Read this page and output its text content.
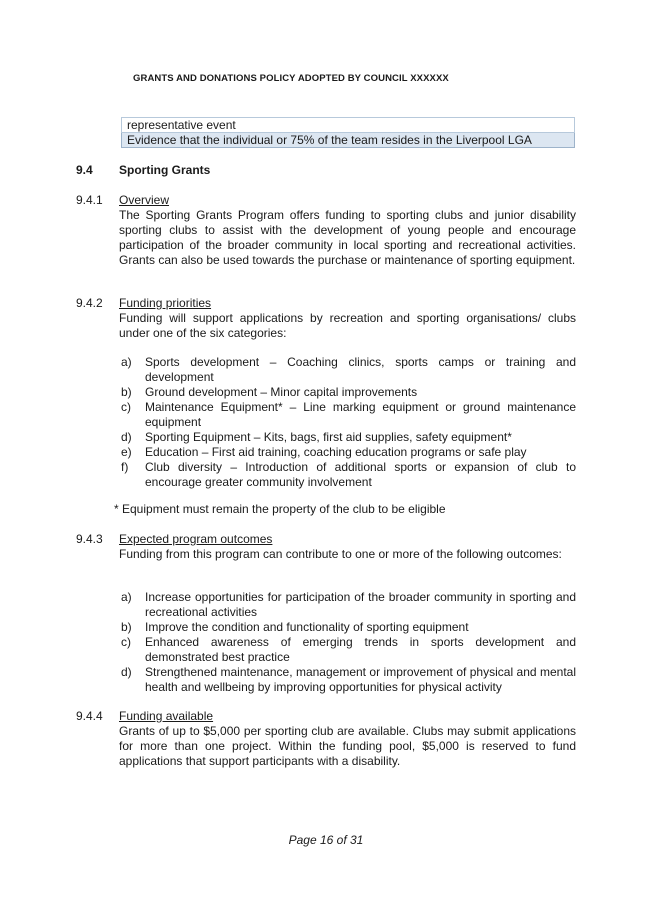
GRANTS AND DONATIONS POLICY ADOPTED BY COUNCIL XXXXXX
representative event
Evidence that the individual or 75% of the team resides in the Liverpool LGA
9.4 Sporting Grants
9.4.1 Overview
The Sporting Grants Program offers funding to sporting clubs and junior disability sporting clubs to assist with the development of young people and encourage participation of the broader community in local sporting and recreational activities. Grants can also be used towards the purchase or maintenance of sporting equipment.
9.4.2 Funding priorities
Funding will support applications by recreation and sporting organisations/ clubs under one of the six categories:
a) Sports development – Coaching clinics, sports camps or training and development
b) Ground development – Minor capital improvements
c) Maintenance Equipment* – Line marking equipment or ground maintenance equipment
d) Sporting Equipment – Kits, bags, first aid supplies, safety equipment*
e) Education – First aid training, coaching education programs or safe play
f) Club diversity – Introduction of additional sports or expansion of club to encourage greater community involvement
* Equipment must remain the property of the club to be eligible
9.4.3 Expected program outcomes
Funding from this program can contribute to one or more of the following outcomes:
a) Increase opportunities for participation of the broader community in sporting and recreational activities
b) Improve the condition and functionality of sporting equipment
c) Enhanced awareness of emerging trends in sports development and demonstrated best practice
d) Strengthened maintenance, management or improvement of physical and mental health and wellbeing by improving opportunities for physical activity
9.4.4 Funding available
Grants of up to $5,000 per sporting club are available. Clubs may submit applications for more than one project. Within the funding pool, $5,000 is reserved to fund applications that support participants with a disability.
Page 16 of 31
